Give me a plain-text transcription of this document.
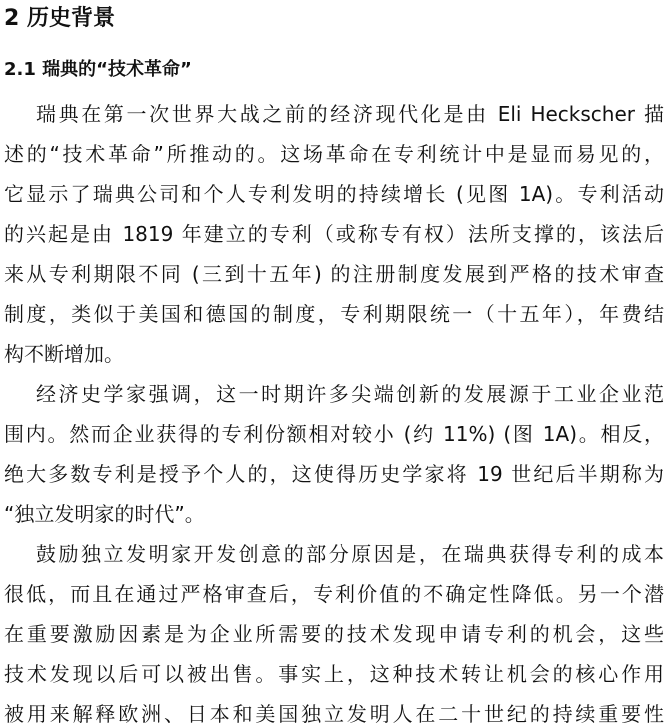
2 历史背景
2.1 瑞典的“技术革命”
瑞典在第一次世界大战之前的经济现代化是由 Eli Heckscher 描
述的“技术革命”所推动的。这场革命在专利统计中是显而易见的，
它显示了瑞典公司和个人专利发明的持续增长 (见图 1A)。专利活动
的兴起是由 1819 年建立的专利（或称专有权）法所支撑的，该法后
来从专利期限不同 (三到十五年) 的注册制度发展到严格的技术审查
制度，类似于美国和德国的制度，专利期限统一（十五年），年费结
构不断增加。
经济史学家强调，这一时期许多尖端创新的发展源于工业企业范
围内。然而企业获得的专利份额相对较小 (约 11%) (图 1A)。相反，
绝大多数专利是授予个人的，这使得历史学家将 19 世纪后半期称为
“独立发明家的时代”。
鼓励独立发明家开发创意的部分原因是，在瑞典获得专利的成本
很低，而且在通过严格审查后，专利价值的不确定性降低。另一个潜
在重要激励因素是为企业所需要的技术发现申请专利的机会，这些
技术发现以后可以被出售。事实上，这种技术转让机会的核心作用
被用来解释欧洲、日本和美国独立发明人在二十世纪的持续重要性
